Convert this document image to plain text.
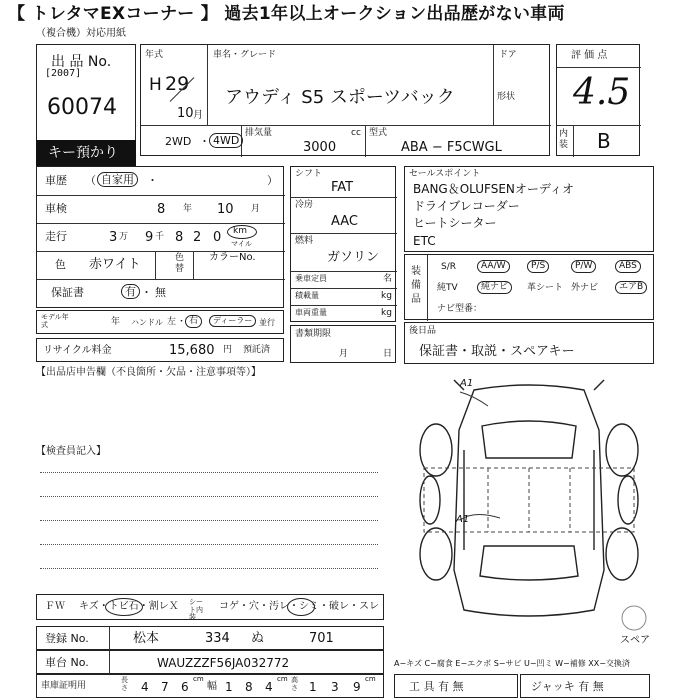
【 トレタマEXコーナー 】 過去1年以上オークション出品歴がない車両
（複合機）対応用紙
出 品 No.
[2007]
60074
キー預かり
年式
H 29
10 月
車名・グレード
アウディ S5 スポーツバック
ドア
形状
2WD ・ 4WD
排気量	cc
3000
型式
ABA − F5CWGL
評 価 点
4.5
内 装 B
車歴 （ 自家用	・	）
車検	8 年 10 月
走行	3 万 9 千 8 2 0 km
マイル
色 赤ワイト	色替
カラーNo.
保証書	有 ・ 無
モデル年式	年 ハンドル 左 ・ 右	ディーラー 並行
リサイクル料金	15,680 円 預託済
シフト
FAT
冷房
AAC
燃料
ガソリン
乗車定員	名
積載量	kg
車両重量	kg
書類期限
月	日
セールスポイント
BANG＆OLUFSENオーディオ
ドライブレコーダー
ヒートシーター
ETC
装備品
S/R	AA/W	P/S	P/W	ABS
純TV	純ナビ	革シート 外ナビ	エアB
ナビ型番：
後日品
保証書・取説・スペアキー
【出品店申告欄（不良箇所・欠品・注意事項等）】
【検査員記入】
A1
A1
スペア
ＦＷ キズ・トビ石・割レＸ シート内装
コゲ・穴・汚レ・シミ・破レ・スレ
登録 No.	松本	334 ぬ	701
車台 No.	WAUZZZF56JA032772	A−キズ C−腐食 E−エクボ S−サビ U−凹ミ W−補修 XX−交換済
車庫証明用
長さ 4 7 6
cm
幅 1 8 4
cm 高さ 1 3 9
cm
工 具 有 無	ジャッキ 有 無
